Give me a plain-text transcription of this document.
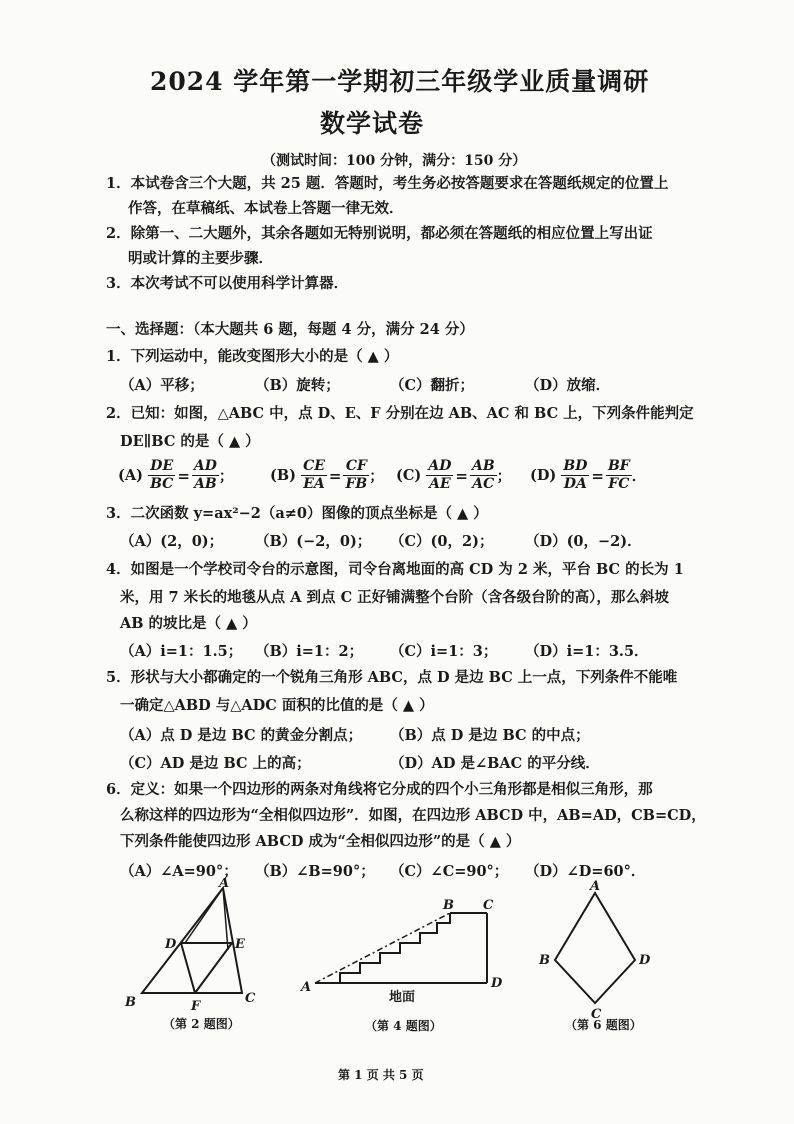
2024 学年第一学期初三年级学业质量调研
数学试卷
（测试时间：100 分钟，满分：150 分）
1．本试卷含三个大题，共 25 题．答题时，考生务必按答题要求在答题纸规定的位置上
作答，在草稿纸、本试卷上答题一律无效．
2．除第一、二大题外，其余各题如无特别说明，都必须在答题纸的相应位置上写出证
明或计算的主要步骤．
3．本次考试不可以使用科学计算器．
一、选择题：（本大题共 6 题，每题 4 分，满分 24 分）
1．下列运动中，能改变图形大小的是（ ▲ ）
（A）平移；	（B）旋转；	（C）翻折；	（D）放缩．
2．已知：如图，△ABC 中，点 D、E、F 分别在边 AB、AC 和 BC 上，下列条件能判定
DE∥BC 的是（ ▲ ）
$(A) \frac{DE}{BC} = \frac{AD}{AB}$ ；	$(B) \frac{CE}{EA} = \frac{CF}{FB}$ ； $(C) \frac{AD}{AE} = \frac{AB}{AC}$ ； $(D) \frac{BD}{DA} = \frac{BF}{FC}$ ．
3．二次函数 y=ax²−2（a≠0）图像的顶点坐标是（ ▲ ）
（A）(2，0)； （B）(−2，0)； （C）(0，2)； （D）(0，−2)．
4．如图是一个学校司令台的示意图，司令台离地面的高 CD 为 2 米，平台 BC 的长为 1
米，用 7 米长的地毯从点 A 到点 C 正好铺满整个台阶（含各级台阶的高），那么斜坡
AB 的坡比是（ ▲ ）
（A）i=1：1.5； （B）i=1：2； （C）i=1：3； （D）i=1：3.5．
5．形状与大小都确定的一个锐角三角形 ABC，点 D 是边 BC 上一点，下列条件不能唯
一确定△ABD 与△ADC 面积的比值的是（ ▲ ）
（A）点 D 是边 BC 的黄金分割点； （B）点 D 是边 BC 的中点；
（C）AD 是边 BC 上的高；	（D）AD 是∠BAC 的平分线．
6．定义：如果一个四边形的两条对角线将它分成的四个小三角形都是相似三角形，那
么称这样的四边形为“全相似四边形”．如图，在四边形 ABCD 中，AB=AD，CB=CD，
下列条件能使四边形 ABCD 成为“全相似四边形”的是（ ▲ ）
（A）∠A=90°； （B）∠B=90°； （C）∠C=90°； （D）∠D=60°．
A
B	C
D	E
F
（第 2 题图）
A
B C
D
地面
（第 4 题图）
A
B
C
D
（第 6 题图）
第 1 页 共 5 页
